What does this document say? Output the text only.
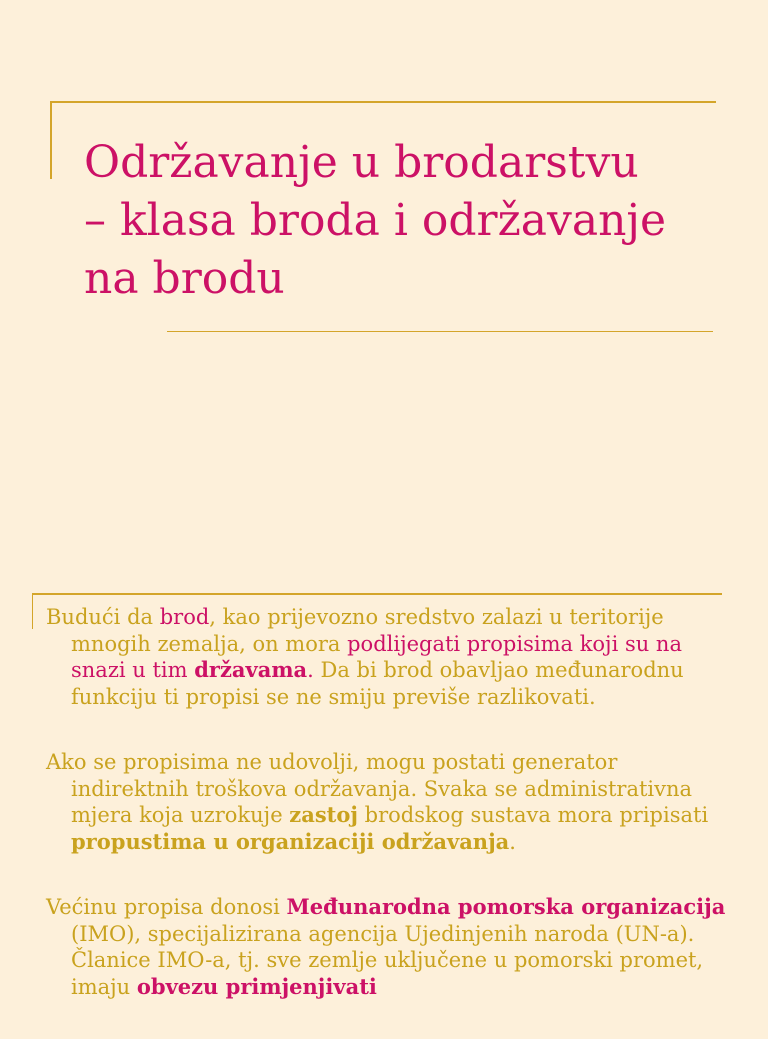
Održavanje u brodarstvu
– klasa broda i održavanje
na brodu

Budući da brod, kao prijevozno sredstvo zalazi u teritorije mnogih zemalja, on mora podlijegati propisima koji su na snazi u tim državama. Da bi brod obavljao međunarodnu funkciju ti propisi se ne smiju previše razlikovati.

Ako se propisima ne udovolji, mogu postati generator indirektnih troškova održavanja. Svaka se administrativna mjera koja uzrokuje zastoj brodskog sustava mora pripisati propustima u organizaciji održavanja.

Većinu propisa donosi Međunarodna pomorska organizacija (IMO), specijalizirana agencija Ujedinjenih naroda (UN-a). Članice IMO-a, tj. sve zemlje uključene u pomorski promet, imaju obvezu primjenjivati
